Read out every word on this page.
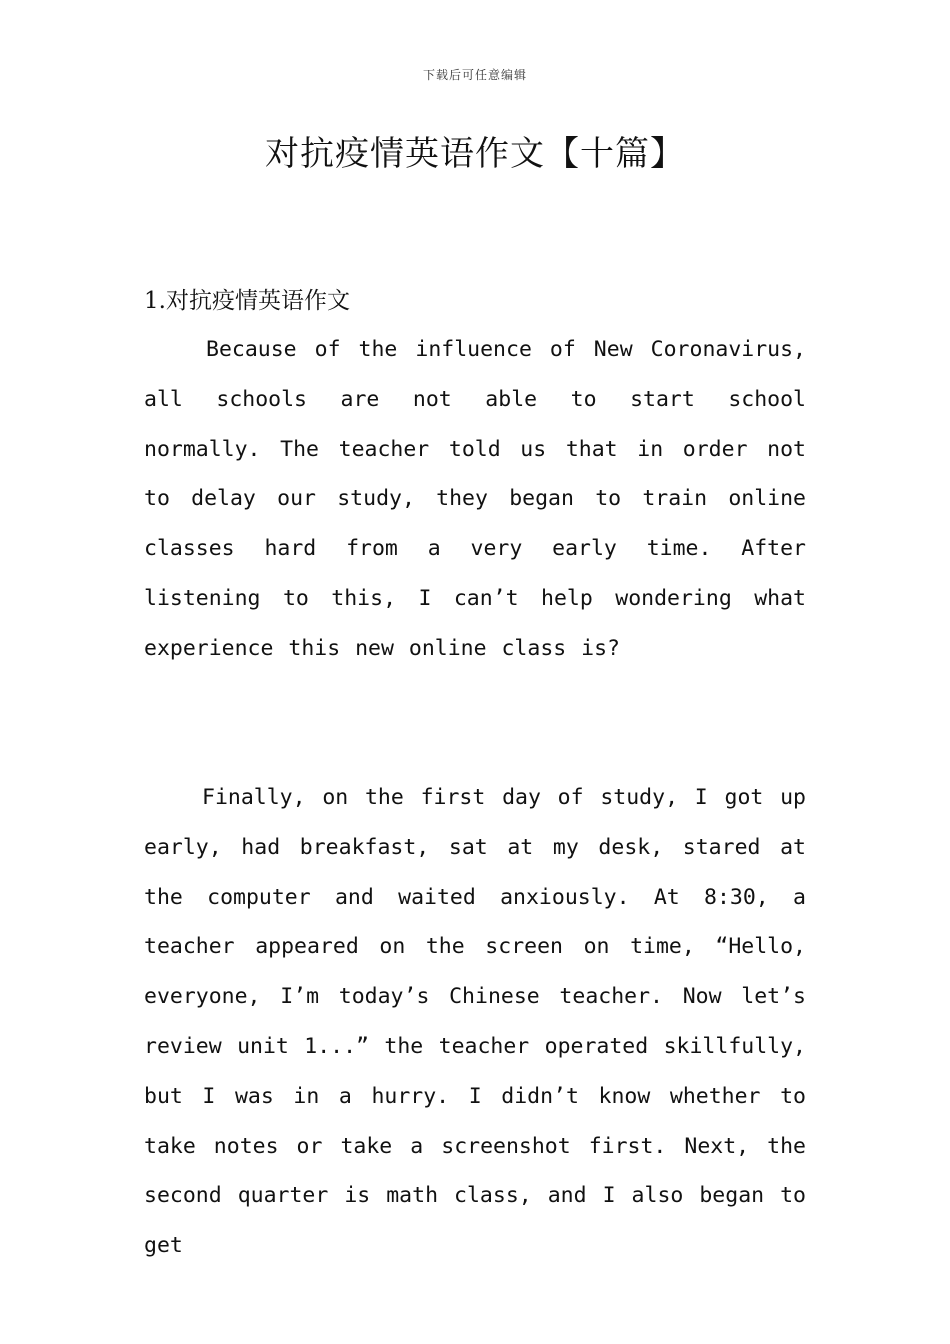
下载后可任意编辑
对抗疫情英语作文【十篇】
1.对抗疫情英语作文

Because of the influence of New Coronavirus, all schools are not able to start school normally. The teacher told us that in order not to delay our study, they began to train online classes hard from a very early time. After listening to this, I can’t help wondering what experience this new online class is?

Finally, on the first day of study, I got up early, had breakfast, sat at my desk, stared at the computer and waited anxiously. At 8:30, a teacher appeared on the screen on time, “Hello, everyone, I’m today’s Chinese teacher. Now let’s review unit 1...” the teacher operated skillfully, but I was in a hurry. I didn’t know whether to take notes or take a screenshot first. Next, the second quarter is math class, and I also began to get
